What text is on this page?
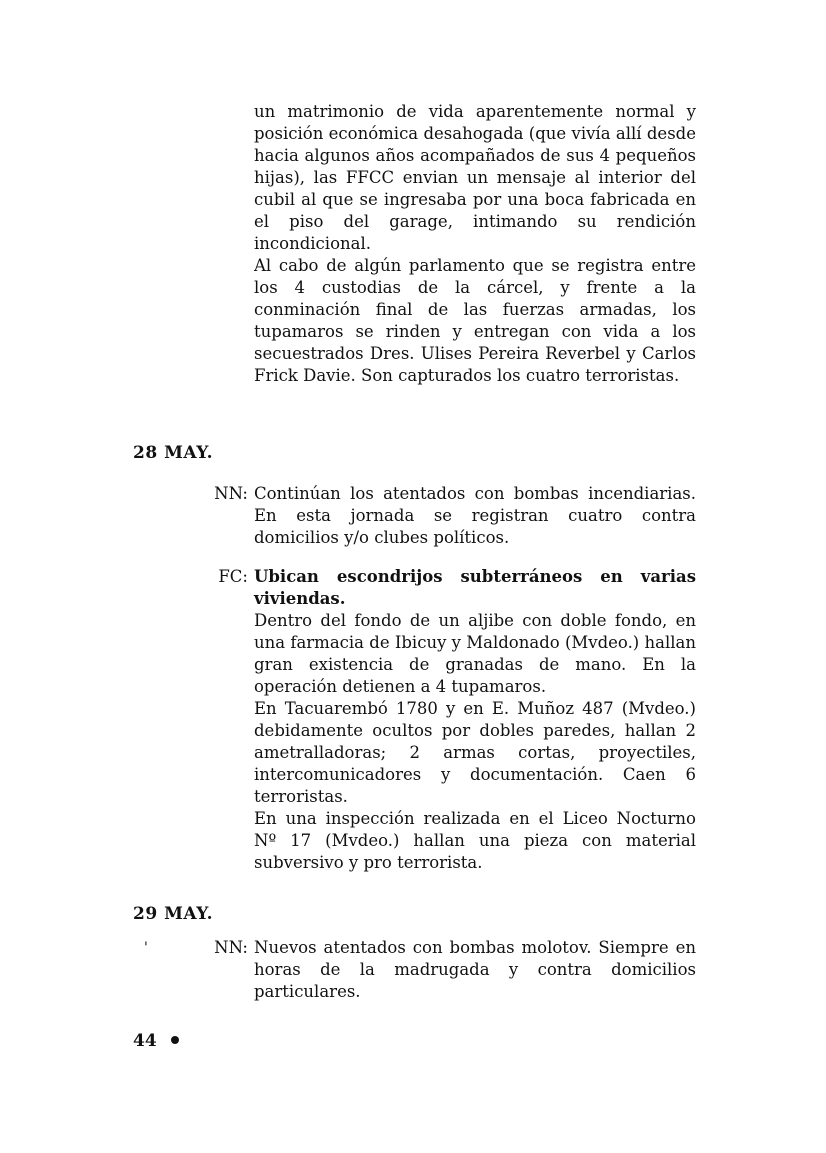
un matrimonio de vida aparentemente normal y posición económica desahogada (que vivía allí desde hacia algunos años acompañados de sus 4 pequeños hijas), las FFCC envian un mensaje al interior del cubil al que se ingresaba por una boca fabricada en el piso del garage, intimando su rendición incondicional.

Al cabo de algún parlamento que se registra entre los 4 custodias de la cárcel, y frente a la conminación final de las fuerzas armadas, los tupamaros se rinden y entregan con vida a los secuestrados Dres. Ulises Pereira Reverbel y Carlos Frick Davie. Son capturados los cuatro terroristas.

28 MAY.
NN: Continúan los atentados con bombas incendiarias. En esta jornada se registran cuatro contra domicilios y/o clubes políticos.

FC: Ubican escondrijos subterráneos en varias viviendas.

Dentro del fondo de un aljibe con doble fondo, en una farmacia de Ibicuy y Maldonado (Mvdeo.) hallan gran existencia de granadas de mano. En la operación detienen a 4 tupamaros.

En Tacuarembó 1780 y en E. Muñoz 487 (Mvdeo.) debidamente ocultos por dobles paredes, hallan 2 ametralladoras; 2 armas cortas, proyectiles, intercomunicadores y documentación. Caen 6 terroristas.

En una inspección realizada en el Liceo Nocturno Nº 17 (Mvdeo.) hallan una pieza con material subversivo y pro terrorista.

29 MAY.
'	NN: Nuevos atentados con bombas molotov. Siempre en horas de la madrugada y contra domicilios particulares.

44
